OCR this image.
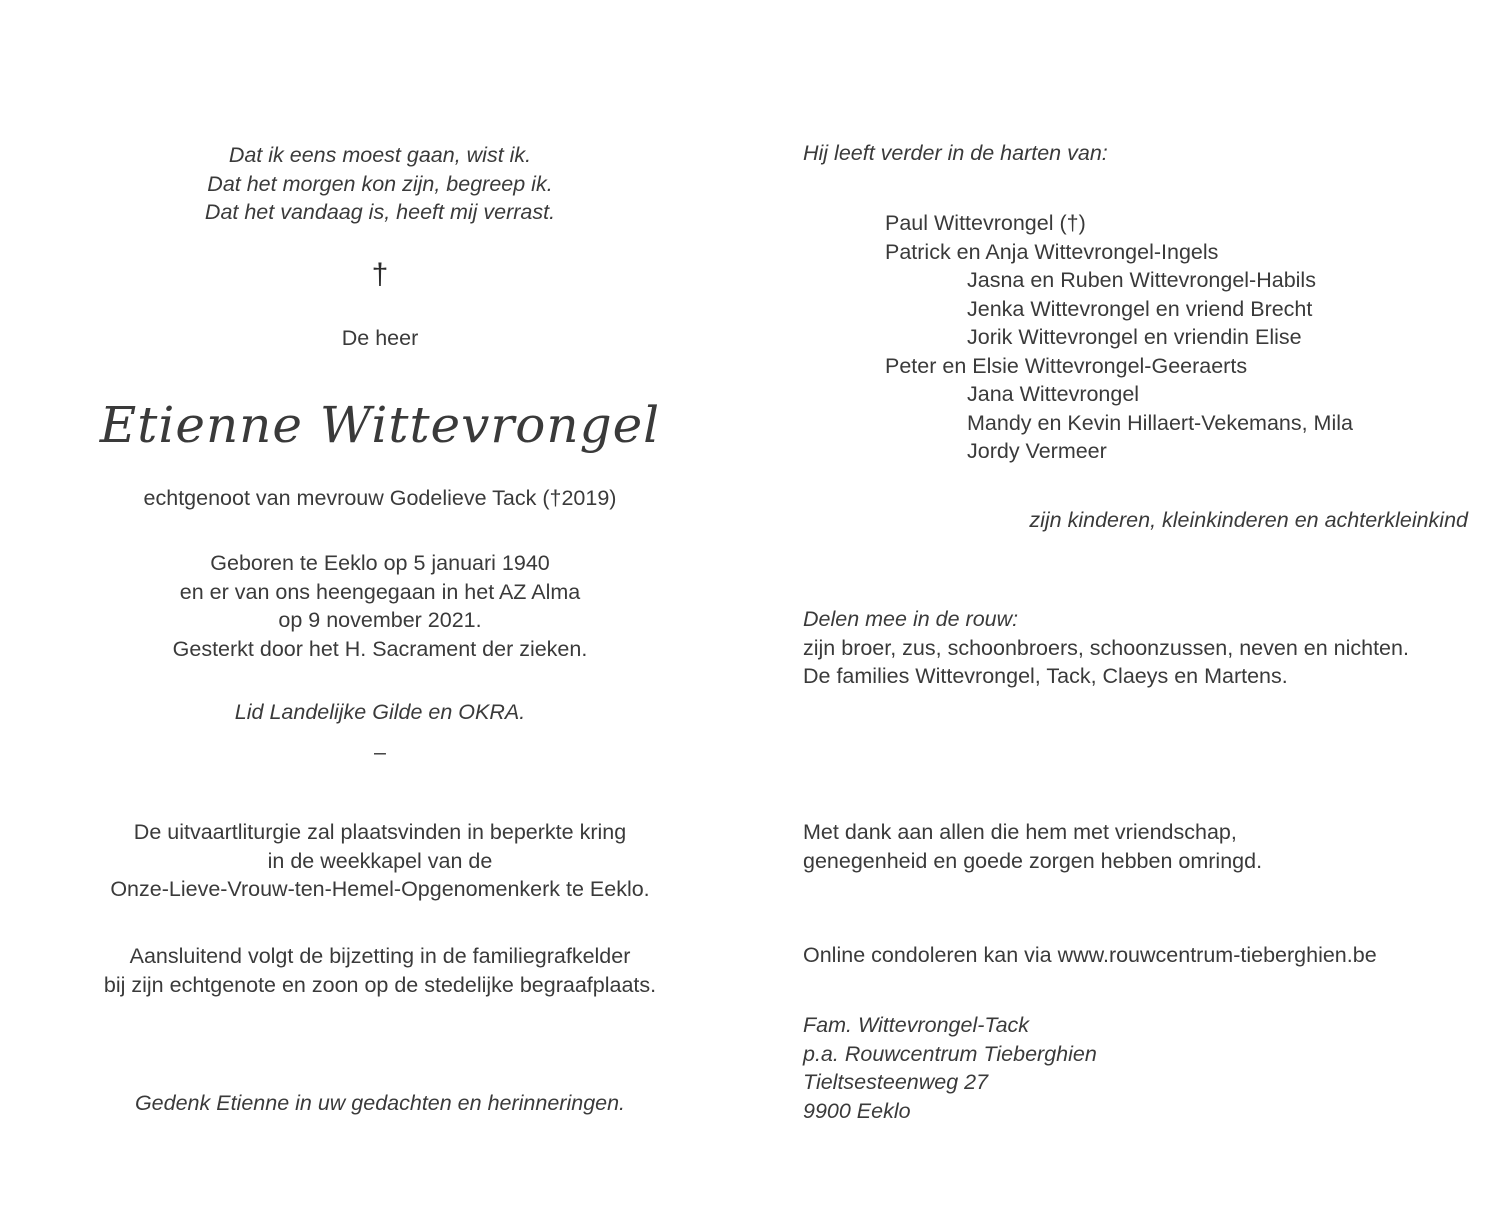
Dat ik eens moest gaan, wist ik.
Dat het morgen kon zijn, begreep ik.
Dat het vandaag is, heeft mij verrast.
†
De heer
Etienne Wittevrongel
echtgenoot van mevrouw Godelieve Tack (†2019)
Geboren te Eeklo op 5 januari 1940
en er van ons heengegaan in het AZ Alma
op 9 november 2021.
Gesterkt door het H. Sacrament der zieken.
Lid Landelijke Gilde en OKRA.
–
De uitvaartliturgie zal plaatsvinden in beperkte kring
in de weekkapel van de
Onze-Lieve-Vrouw-ten-Hemel-Opgenomenkerk te Eeklo.
Aansluitend volgt de bijzetting in de familiegrafkelder
bij zijn echtgenote en zoon op de stedelijke begraafplaats.
Gedenk Etienne in uw gedachten en herinneringen.
Hij leeft verder in de harten van:
Paul Wittevrongel (†)
Patrick en Anja Wittevrongel-Ingels
Jasna en Ruben Wittevrongel-Habils
Jenka Wittevrongel en vriend Brecht
Jorik Wittevrongel en vriendin Elise
Peter en Elsie Wittevrongel-Geeraerts
Jana Wittevrongel
Mandy en Kevin Hillaert-Vekemans, Mila
Jordy Vermeer
zijn kinderen, kleinkinderen en achterkleinkind
Delen mee in de rouw:
zijn broer, zus, schoonbroers, schoonzussen, neven en nichten.
De families Wittevrongel, Tack, Claeys en Martens.
Met dank aan allen die hem met vriendschap,
genegenheid en goede zorgen hebben omringd.
Online condoleren kan via www.rouwcentrum-tieberghien.be
Fam. Wittevrongel-Tack
p.a. Rouwcentrum Tieberghien
Tieltsesteenweg 27
9900 Eeklo
